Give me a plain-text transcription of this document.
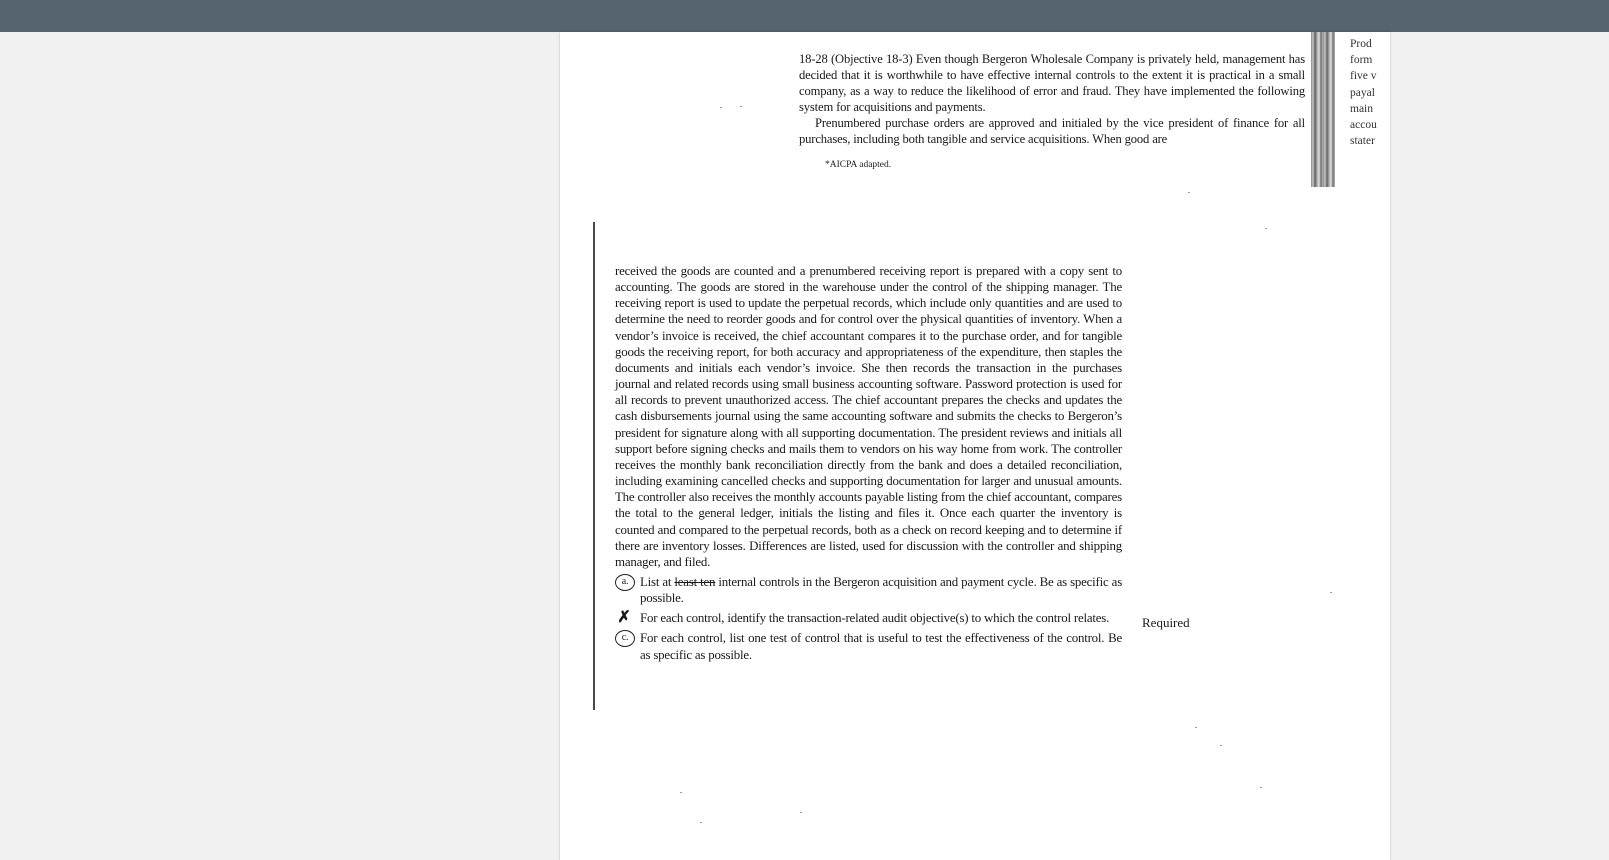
18-28 (Objective 18-3) Even though Bergeron Wholesale Company is privately held, management has decided that it is worthwhile to have effective internal controls to the extent it is practical in a small company, as a way to reduce the likelihood of error and fraud. They have implemented the following system for acquisitions and payments.

Prenumbered purchase orders are approved and initialed by the vice president of finance for all purchases, including both tangible and service acquisitions. When good are

*AICPA adapted.
Prod
form
five v
payal
main
accou
stater

received the goods are counted and a prenumbered receiving report is prepared with a copy sent to accounting. The goods are stored in the warehouse under the control of the shipping manager. The receiving report is used to update the perpetual records, which include only quantities and are used to determine the need to reorder goods and for control over the physical quantities of inventory. When a vendor’s invoice is received, the chief accountant compares it to the purchase order, and for tangible goods the receiving report, for both accuracy and appropriateness of the expenditure, then staples the documents and initials each vendor’s invoice. She then records the transaction in the purchases journal and related records using small business accounting software. Password protection is used for all records to prevent unauthorized access. The chief accountant prepares the checks and updates the cash disbursements journal using the same accounting software and submits the checks to Bergeron’s president for signature along with all supporting documentation. The president reviews and initials all support before signing checks and mails them to vendors on his way home from work. The controller receives the monthly bank reconciliation directly from the bank and does a detailed reconciliation, including examining cancelled checks and supporting documentation for larger and unusual amounts. The controller also receives the monthly accounts payable listing from the chief accountant, compares the total to the general ledger, initials the listing and files it. Once each quarter the inventory is counted and compared to the perpetual records, both as a check on record keeping and to determine if there are inventory losses. Differences are listed, used for discussion with the controller and shipping manager, and filed.

a. List at least ten internal controls in the Bergeron acquisition and payment cycle. Be as specific as possible.
✗ For each control, identify the transaction-related audit objective(s) to which the control relates.
c. For each control, list one test of control that is useful to test the effectiveness of the control. Be as specific as possible.
Required
